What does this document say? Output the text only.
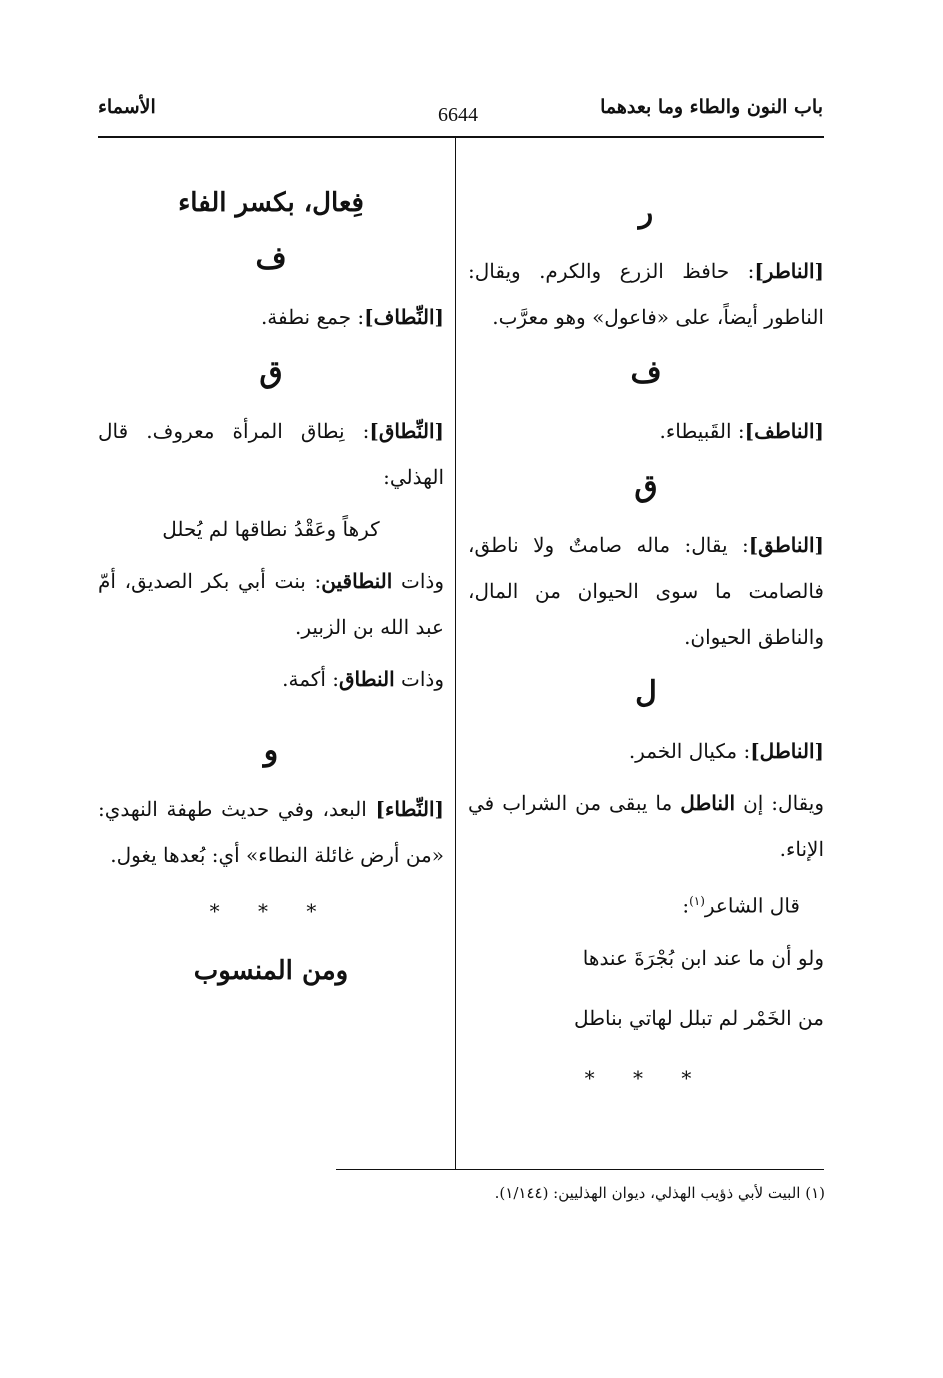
باب النون والطاء وما بعدهما
6644
الأسماء
ر

[الناطر]: حافظ الزرع والكرم. ويقال: الناطور أيضاً، على «فاعول» وهو معرَّب.

ف

[الناطف]: القَبيطاء.

ق

[الناطق]: يقال: ماله صامتٌ ولا ناطق، فالصامت ما سوى الحيوان من المال، والناطق الحيوان.

ل

[الناطل]: مكيال الخمر.

ويقال: إن الناطل ما يبقى من الشراب في الإناء.

قال الشاعر$^{(١)}$:

ولو أن ما عند ابن بُجْرَةَ عندها

من الخَمْر لم تبلل لهاتي بناطل

* * *
فِعال، بكسر الفاء
ف

[النِّطاف]: جمع نطفة.

ق

[النِّطاق]: نِطاق المرأة معروف. قال الهذلي:

كرهاً وعَقْدُ نطاقها لم يُحلل

وذات النطاقين: بنت أبي بكر الصديق، أمّ عبد الله بن الزبير.

وذات النطاق: أكمة.

و

[النِّطاء] البعد، وفي حديث طهفة النهدي: «من أرض غائلة النطاء» أي: بُعدها يغول.

* * *
ومن المنسوب
(١) البيت لأبي ذؤيب الهذلي، ديوان الهذليين: (١/١٤٤).
